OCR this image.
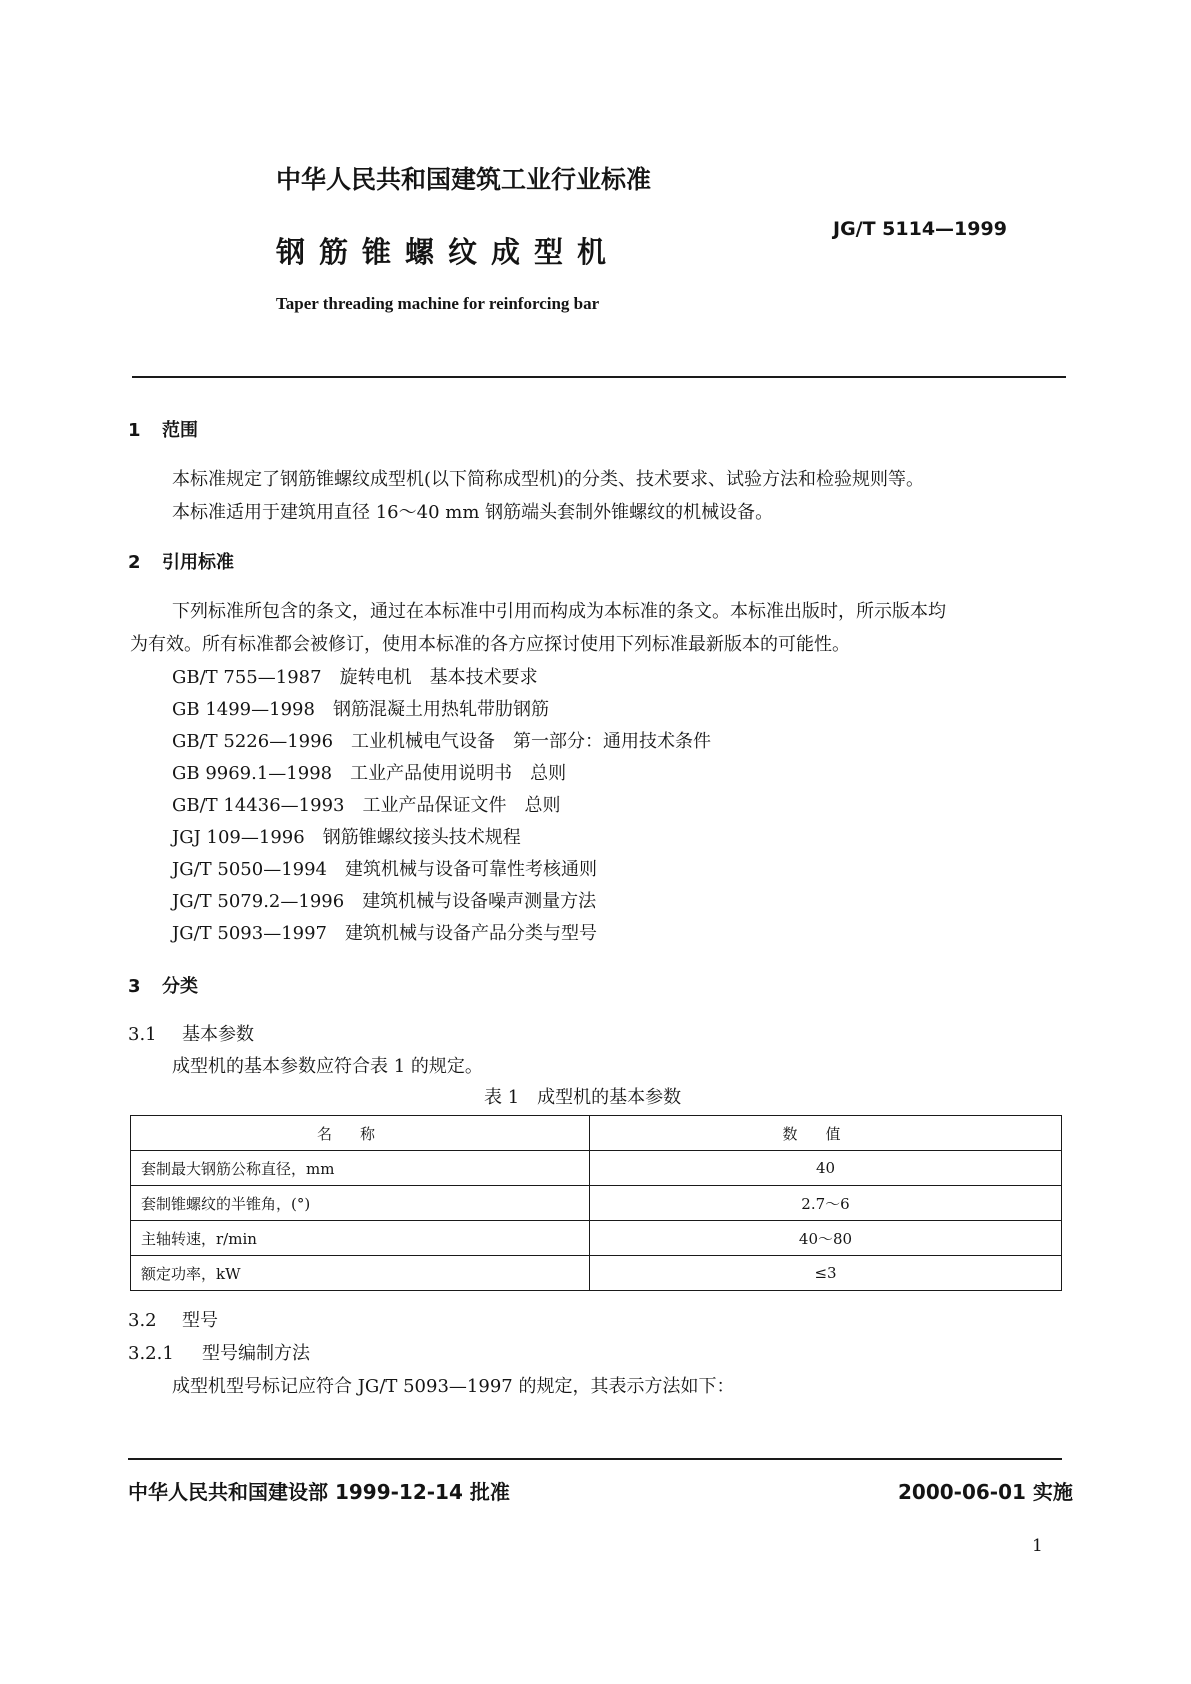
中华人民共和国建筑工业行业标准
钢筋锥螺纹成型机
JG/T 5114—1999
Taper threading machine for reinforcing bar
1 范围
本标准规定了钢筋锥螺纹成型机(以下简称成型机)的分类、技术要求、试验方法和检验规则等。
本标准适用于建筑用直径 16～40 mm 钢筋端头套制外锥螺纹的机械设备。
2 引用标准
下列标准所包含的条文，通过在本标准中引用而构成为本标准的条文。本标准出版时，所示版本均
为有效。所有标准都会被修订，使用本标准的各方应探讨使用下列标准最新版本的可能性。
GB/T 755—1987 旋转电机 基本技术要求
GB 1499—1998 钢筋混凝土用热轧带肋钢筋
GB/T 5226—1996 工业机械电气设备 第一部分：通用技术条件
GB 9969.1—1998 工业产品使用说明书 总则
GB/T 14436—1993 工业产品保证文件 总则
JGJ 109—1996 钢筋锥螺纹接头技术规程
JG/T 5050—1994 建筑机械与设备可靠性考核通则
JG/T 5079.2—1996 建筑机械与设备噪声测量方法
JG/T 5093—1997 建筑机械与设备产品分类与型号
3 分类
3.1 基本参数
成型机的基本参数应符合表 1 的规定。
表 1　成型机的基本参数
名称	数值
套制最大钢筋公称直径，mm	40
套制锥螺纹的半锥角，(°)	2.7～6
主轴转速，r/min	40～80
额定功率，kW	≤3
3.2 型号
3.2.1 型号编制方法
成型机型号标记应符合 JG/T 5093—1997 的规定，其表示方法如下：
中华人民共和国建设部 1999-12-14 批准	2000-06-01 实施
1
